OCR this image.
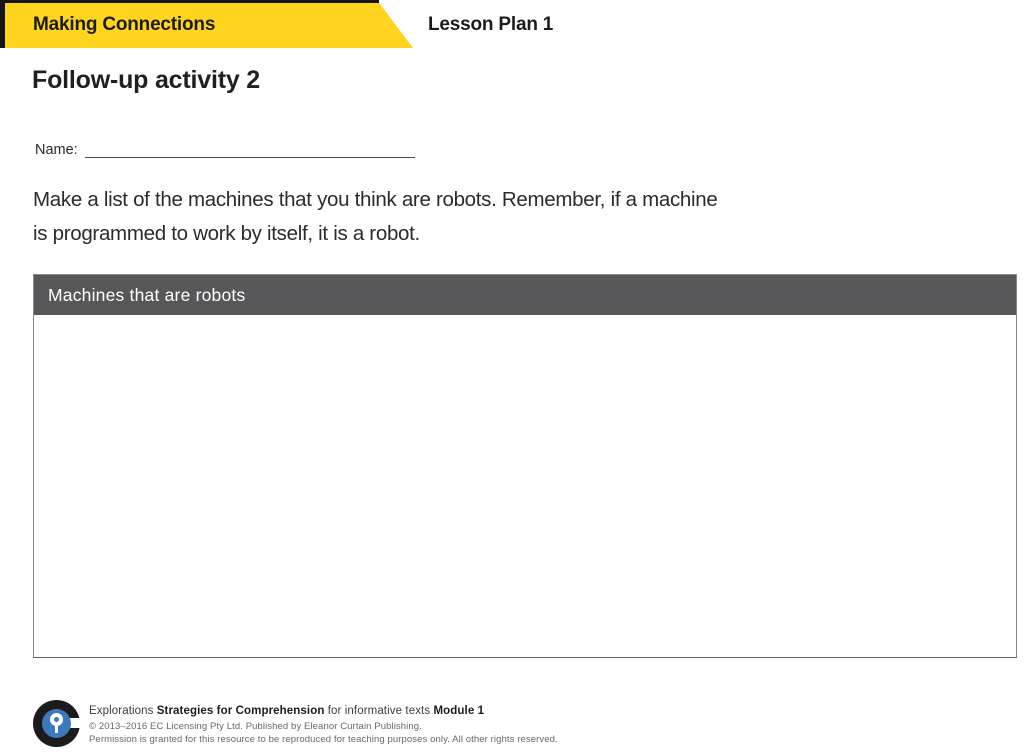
Making Connections	Lesson Plan 1
Follow-up activity 2
Name:
Make a list of the machines that you think are robots. Remember, if a machine
is programmed to work by itself, it is a robot.
Machines that are robots
Explorations Strategies for Comprehension for informative texts Module 1
© 2013–2016 EC Licensing Pty Ltd. Published by Eleanor Curtain Publishing.
Permission is granted for this resource to be reproduced for teaching purposes only. All other rights reserved.
